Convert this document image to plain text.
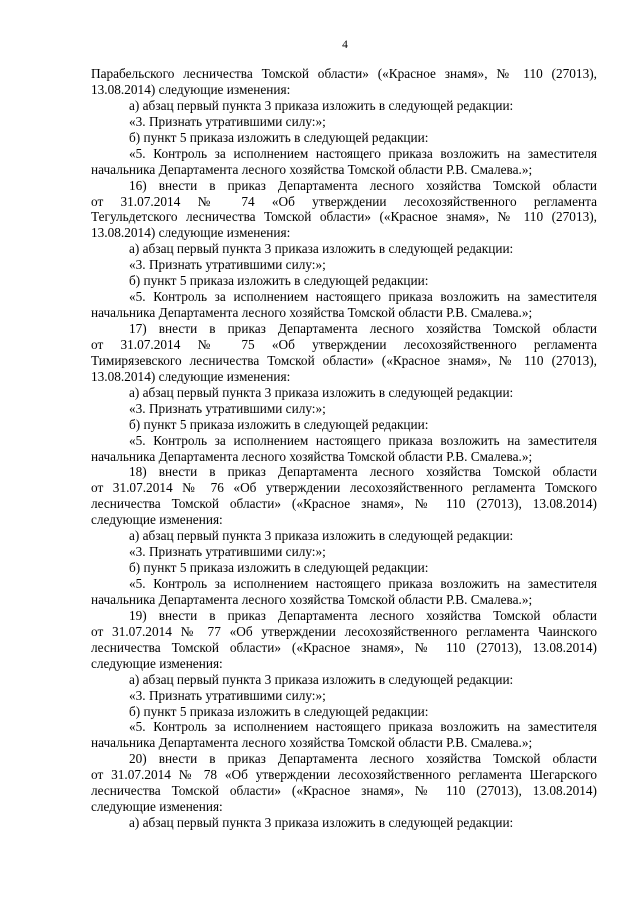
4
Парабельского лесничества Томской области» («Красное знамя», № 110 (27013),
13.08.2014) следующие изменения:
а) абзац первый пункта 3 приказа изложить в следующей редакции:
«3. Признать утратившими силу:»;
б) пункт 5 приказа изложить в следующей редакции:
«5. Контроль за исполнением настоящего приказа возложить на заместителя
начальника Департамента лесного хозяйства Томской области Р.В. Смалева.»;
16) внести в приказ Департамента лесного хозяйства Томской области
от 31.07.2014 № 74 «Об утверждении лесохозяйственного регламента
Тегульдетского лесничества Томской области» («Красное знамя», № 110 (27013),
13.08.2014) следующие изменения:
а) абзац первый пункта 3 приказа изложить в следующей редакции:
«3. Признать утратившими силу:»;
б) пункт 5 приказа изложить в следующей редакции:
«5. Контроль за исполнением настоящего приказа возложить на заместителя
начальника Департамента лесного хозяйства Томской области Р.В. Смалева.»;
17) внести в приказ Департамента лесного хозяйства Томской области
от 31.07.2014 № 75 «Об утверждении лесохозяйственного регламента
Тимирязевского лесничества Томской области» («Красное знамя», № 110 (27013),
13.08.2014) следующие изменения:
а) абзац первый пункта 3 приказа изложить в следующей редакции:
«3. Признать утратившими силу:»;
б) пункт 5 приказа изложить в следующей редакции:
«5. Контроль за исполнением настоящего приказа возложить на заместителя
начальника Департамента лесного хозяйства Томской области Р.В. Смалева.»;
18) внести в приказ Департамента лесного хозяйства Томской области
от 31.07.2014 № 76 «Об утверждении лесохозяйственного регламента Томского
лесничества Томской области» («Красное знамя», № 110 (27013), 13.08.2014)
следующие изменения:
а) абзац первый пункта 3 приказа изложить в следующей редакции:
«3. Признать утратившими силу:»;
б) пункт 5 приказа изложить в следующей редакции:
«5. Контроль за исполнением настоящего приказа возложить на заместителя
начальника Департамента лесного хозяйства Томской области Р.В. Смалева.»;
19) внести в приказ Департамента лесного хозяйства Томской области
от 31.07.2014 № 77 «Об утверждении лесохозяйственного регламента Чаинского
лесничества Томской области» («Красное знамя», № 110 (27013), 13.08.2014)
следующие изменения:
а) абзац первый пункта 3 приказа изложить в следующей редакции:
«3. Признать утратившими силу:»;
б) пункт 5 приказа изложить в следующей редакции:
«5. Контроль за исполнением настоящего приказа возложить на заместителя
начальника Департамента лесного хозяйства Томской области Р.В. Смалева.»;
20) внести в приказ Департамента лесного хозяйства Томской области
от 31.07.2014 № 78 «Об утверждении лесохозяйственного регламента Шегарского
лесничества Томской области» («Красное знамя», № 110 (27013), 13.08.2014)
следующие изменения:
а) абзац первый пункта 3 приказа изложить в следующей редакции:
